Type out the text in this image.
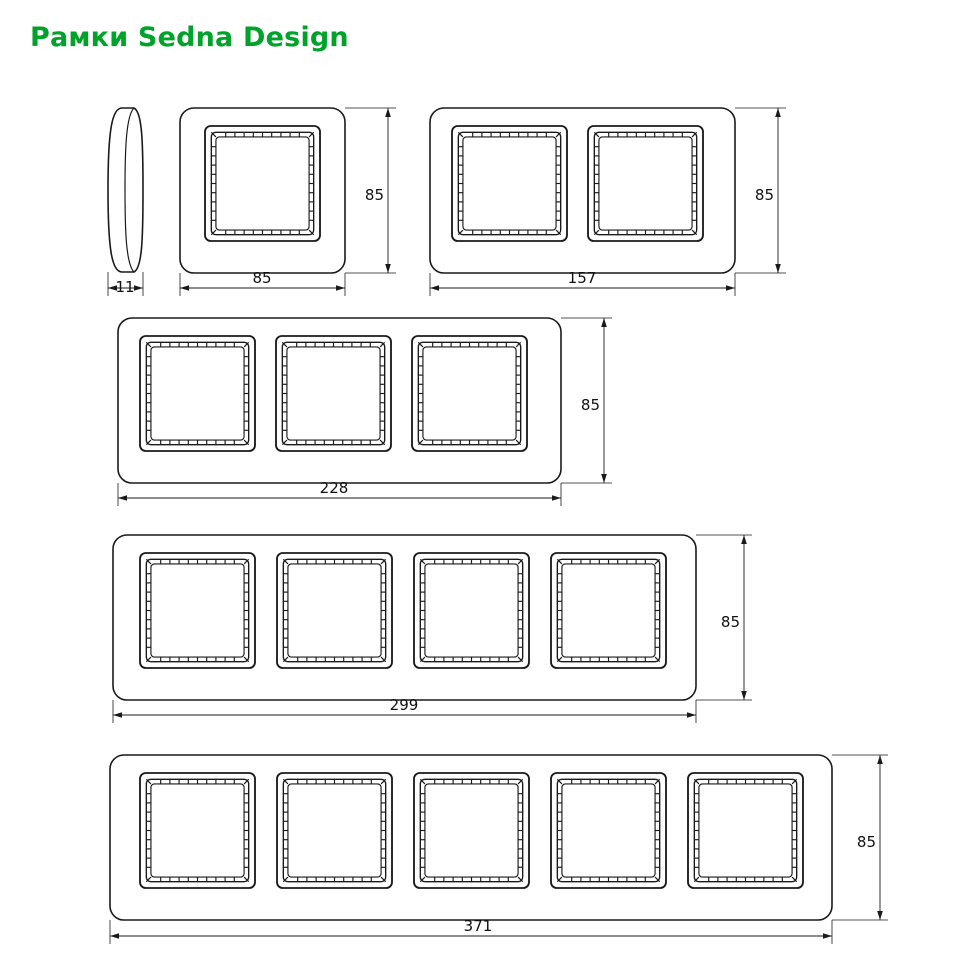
Рамки Sedna Design
11	85
85
157
85
228
85
299
85
371
85
